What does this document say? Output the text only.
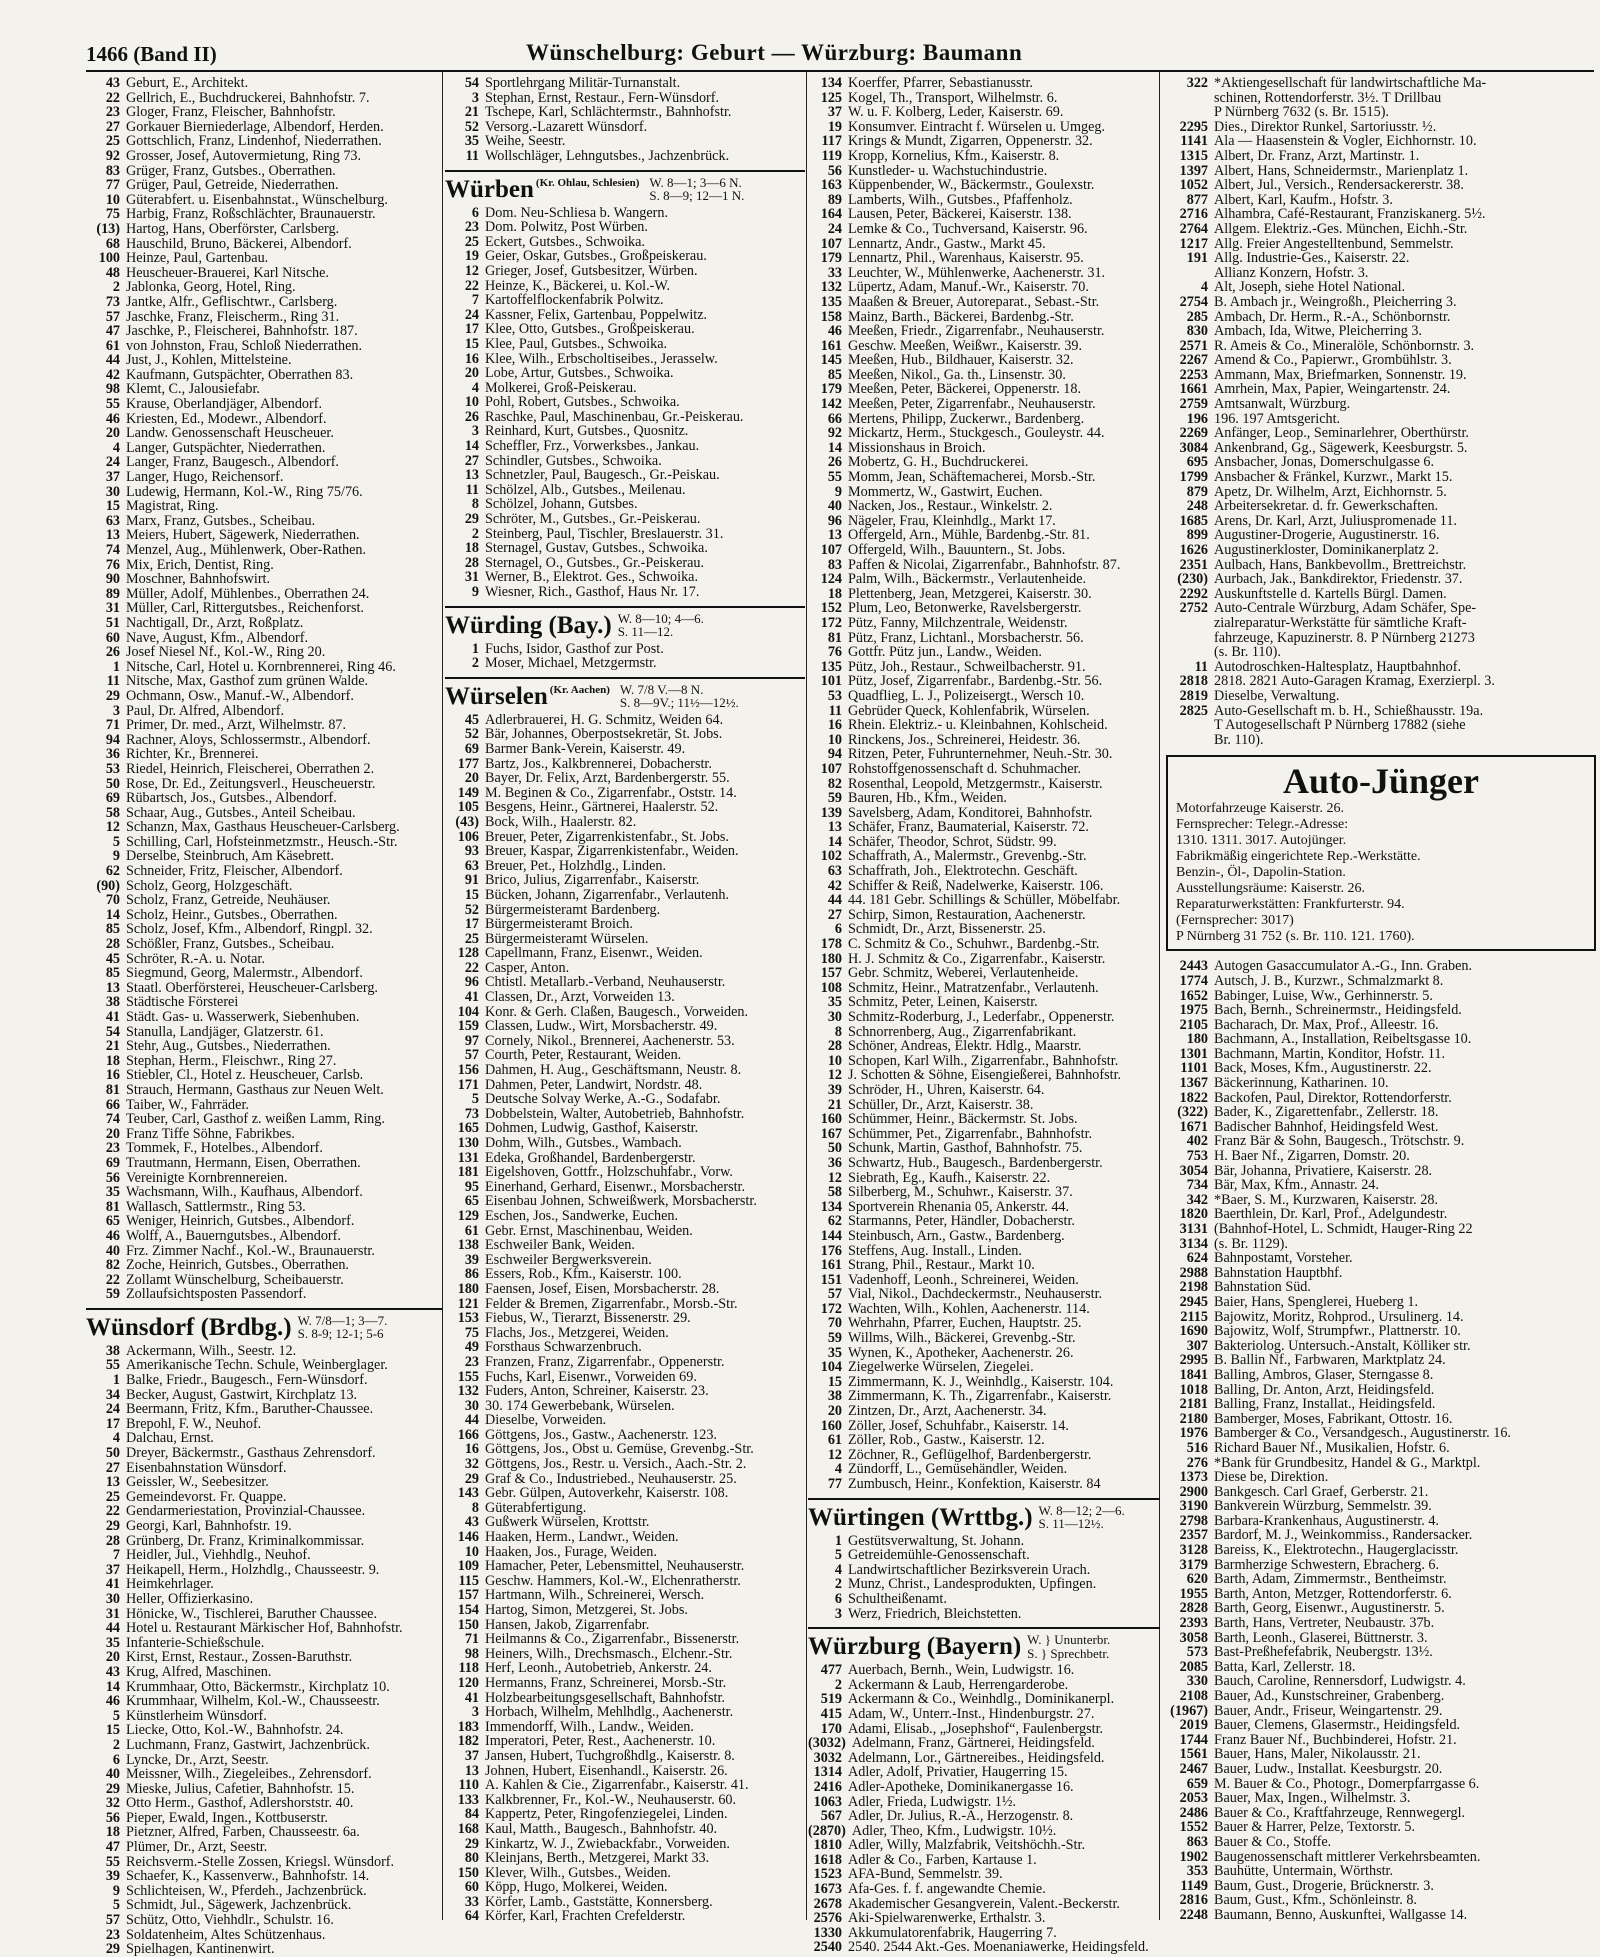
1466 (Band II)	Wünschelburg: Geburt — Würzburg: Baumann
43 Geburt, E., Architekt.
22 Gellrich, E., Buchdruckerei, Bahnhofstr. 7.
23 Gloger, Franz, Fleischer, Bahnhofstr.
27 Gorkauer Bierniederlage, Albendorf, Herden.
25 Gottschlich, Franz, Lindenhof, Niederrathen.
92 Grosser, Josef, Autovermietung, Ring 73.
83 Grüger, Franz, Gutsbes., Oberrathen.
77 Grüger, Paul, Getreide, Niederrathen.
10 Güterabfert. u. Eisenbahnstat., Wünschelburg.
75 Harbig, Franz, Roßschlächter, Braunauerstr.
(13) Hartog, Hans, Oberförster, Carlsberg.
68 Hauschild, Bruno, Bäckerei, Albendorf.
100 Heinze, Paul, Gartenbau.
48 Heuscheuer-Brauerei, Karl Nitsche.
2 Jablonka, Georg, Hotel, Ring.
73 Jantke, Alfr., Geflischtwr., Carlsberg.
57 Jaschke, Franz, Fleischerm., Ring 31.
47 Jaschke, P., Fleischerei, Bahnhofstr. 187.
61 von Johnston, Frau, Schloß Niederrathen.
44 Just, J., Kohlen, Mittelsteine.
42 Kaufmann, Gutspächter, Oberrathen 83.
98 Klemt, C., Jalousiefabr.
55 Krause, Oberlandjäger, Albendorf.
46 Kriesten, Ed., Modewr., Albendorf.
20 Landw. Genossenschaft Heuscheuer.
4 Langer, Gutspächter, Niederrathen.
24 Langer, Franz, Baugesch., Albendorf.
37 Langer, Hugo, Reichensorf.
30 Ludewig, Hermann, Kol.-W., Ring 75/76.
15 Magistrat, Ring.
63 Marx, Franz, Gutsbes., Scheibau.
13 Meiers, Hubert, Sägewerk, Niederrathen.
74 Menzel, Aug., Mühlenwerk, Ober-Rathen.
76 Mix, Erich, Dentist, Ring.
90 Moschner, Bahnhofswirt.
89 Müller, Adolf, Mühlenbes., Oberrathen 24.
31 Müller, Carl, Rittergutsbes., Reichenforst.
51 Nachtigall, Dr., Arzt, Roßplatz.
60 Nave, August, Kfm., Albendorf.
26 Josef Niesel Nf., Kol.-W., Ring 20.
1 Nitsche, Carl, Hotel u. Kornbrennerei, Ring 46.
11 Nitsche, Max, Gasthof zum grünen Walde.
29 Ochmann, Osw., Manuf.-W., Albendorf.
3 Paul, Dr. Alfred, Albendorf.
71 Primer, Dr. med., Arzt, Wilhelmstr. 87.
94 Rachner, Aloys, Schlossermstr., Albendorf.
36 Richter, Kr., Brennerei.
53 Riedel, Heinrich, Fleischerei, Oberrathen 2.
50 Rose, Dr. Ed., Zeitungsverl., Heuscheuerstr.
69 Rübartsch, Jos., Gutsbes., Albendorf.
58 Schaar, Aug., Gutsbes., Anteil Scheibau.
12 Schanzn, Max, Gasthaus Heuscheuer-Carlsberg.
5 Schilling, Carl, Hofsteinmetzmstr., Heusch.-Str.
9 Derselbe, Steinbruch, Am Käsebrett.
62 Schneider, Fritz, Fleischer, Albendorf.
(90) Scholz, Georg, Holzgeschäft.
70 Scholz, Franz, Getreide, Neuhäuser.
14 Scholz, Heinr., Gutsbes., Oberrathen.
85 Scholz, Josef, Kfm., Albendorf, Ringpl. 32.
28 Schößler, Franz, Gutsbes., Scheibau.
45 Schröter, R.-A. u. Notar.
85 Siegmund, Georg, Malermstr., Albendorf.
13 Staatl. Oberförsterei, Heuscheuer-Carlsberg.
38 Städtische Försterei
41 Städt. Gas- u. Wasserwerk, Siebenhuben.
54 Stanulla, Landjäger, Glatzerstr. 61.
21 Stehr, Aug., Gutsbes., Niederrathen.
18 Stephan, Herm., Fleischwr., Ring 27.
16 Stiebler, Cl., Hotel z. Heuscheuer, Carlsb.
81 Strauch, Hermann, Gasthaus zur Neuen Welt.
66 Taiber, W., Fahrräder.
74 Teuber, Carl, Gasthof z. weißen Lamm, Ring.
20 Franz Tiffe Söhne, Fabrikbes.
23 Tommek, F., Hotelbes., Albendorf.
69 Trautmann, Hermann, Eisen, Oberrathen.
56 Vereinigte Kornbrennereien.
35 Wachsmann, Wilh., Kaufhaus, Albendorf.
81 Wallasch, Sattlermstr., Ring 53.
65 Weniger, Heinrich, Gutsbes., Albendorf.
46 Wolff, A., Bauerngutsbes., Albendorf.
40 Frz. Zimmer Nachf., Kol.-W., Braunauerstr.
82 Zoche, Heinrich, Gutsbes., Oberrathen.
22 Zollamt Wünschelburg, Scheibauerstr.
59 Zollaufsichtsposten Passendorf.
Wünsdorf (Brdbg.) W. 7/8—1; 3—7.
S. 8-9; 12-1; 5-6
38 Ackermann, Wilh., Seestr. 12.
55 Amerikanische Techn. Schule, Weinberglager.
1 Balke, Friedr., Baugesch., Fern-Wünsdorf.
34 Becker, August, Gastwirt, Kirchplatz 13.
24 Beermann, Fritz, Kfm., Baruther-Chaussee.
17 Brepohl, F. W., Neuhof.
4 Dalchau, Ernst.
50 Dreyer, Bäckermstr., Gasthaus Zehrensdorf.
27 Eisenbahnstation Wünsdorf.
13 Geissler, W., Seebesitzer.
25 Gemeindevorst. Fr. Quappe.
22 Gendarmeriestation, Provinzial-Chaussee.
29 Georgi, Karl, Bahnhofstr. 19.
28 Grünberg, Dr. Franz, Kriminalkommissar.
7 Heidler, Jul., Viehhdlg., Neuhof.
37 Heikapell, Herm., Holzhdlg., Chausseestr. 9.
41 Heimkehrlager.
30 Heller, Offizierkasino.
31 Hönicke, W., Tischlerei, Baruther Chaussee.
44 Hotel u. Restaurant Märkischer Hof, Bahnhofstr.
35 Infanterie-Schießschule.
20 Kirst, Ernst, Restaur., Zossen-Baruthstr.
43 Krug, Alfred, Maschinen.
14 Krummhaar, Otto, Bäckermstr., Kirchplatz 10.
46 Krummhaar, Wilhelm, Kol.-W., Chausseestr.
5 Künstlerheim Wünsdorf.
15 Liecke, Otto, Kol.-W., Bahnhofstr. 24.
2 Luchmann, Franz, Gastwirt, Jachzenbrück.
6 Lyncke, Dr., Arzt, Seestr.
40 Meissner, Wilh., Ziegeleibes., Zehrensdorf.
29 Mieske, Julius, Cafetier, Bahnhofstr. 15.
32 Otto Herm., Gasthof, Adlershorststr. 40.
56 Pieper, Ewald, Ingen., Kottbuserstr.
18 Pietzner, Alfred, Farben, Chausseestr. 6a.
47 Plümer, Dr., Arzt, Seestr.
55 Reichsverm.-Stelle Zossen, Kriegsl. Wünsdorf.
39 Schaefer, K., Kassenverw., Bahnhofstr. 14.
9 Schlichteisen, W., Pferdeh., Jachzenbrück.
5 Schmidt, Jul., Sägewerk, Jachzenbrück.
57 Schütz, Otto, Viehhdlr., Schulstr. 16.
23 Soldatenheim, Altes Schützenhaus.
29 Spielhagen, Kantinenwirt.
54 Sportlehrgang Militär-Turnanstalt.
3 Stephan, Ernst, Restaur., Fern-Wünsdorf.
21 Tschepe, Karl, Schlächtermstr., Bahnhofstr.
52 Versorg.-Lazarett Wünsdorf.
35 Weihe, Seestr.
11 Wollschläger, Lehngutsbes., Jachzenbrück.
Würben (Kr. Ohlau, Schlesien) W. 8—1; 3—6 N.
S. 8—9; 12—1 N.
6 Dom. Neu-Schliesa b. Wangern.
23 Dom. Polwitz, Post Würben.
25 Eckert, Gutsbes., Schwoika.
19 Geier, Oskar, Gutsbes., Großpeiskerau.
12 Grieger, Josef, Gutsbesitzer, Würben.
22 Heinze, K., Bäckerei, u. Kol.-W.
7 Kartoffelflockenfabrik Polwitz.
24 Kassner, Felix, Gartenbau, Poppelwitz.
17 Klee, Otto, Gutsbes., Großpeiskerau.
15 Klee, Paul, Gutsbes., Schwoika.
16 Klee, Wilh., Erbscholtiseibes., Jerasselw.
20 Lobe, Artur, Gutsbes., Schwoika.
4 Molkerei, Groß-Peiskerau.
10 Pohl, Robert, Gutsbes., Schwoika.
26 Raschke, Paul, Maschinenbau, Gr.-Peiskerau.
3 Reinhard, Kurt, Gutsbes., Quosnitz.
14 Scheffler, Frz., Vorwerksbes., Jankau.
27 Schindler, Gutsbes., Schwoika.
13 Schnetzler, Paul, Baugesch., Gr.-Peiskau.
11 Schölzel, Alb., Gutsbes., Meilenau.
8 Schölzel, Johann, Gutsbes.
29 Schröter, M., Gutsbes., Gr.-Peiskerau.
2 Steinberg, Paul, Tischler, Breslauerstr. 31.
18 Sternagel, Gustav, Gutsbes., Schwoika.
28 Sternagel, O., Gutsbes., Gr.-Peiskerau.
31 Werner, B., Elektrot. Ges., Schwoika.
9 Wiesner, Rich., Gasthof, Haus Nr. 17.
Würding (Bay.) W. 8—10; 4—6.
S. 11—12.
1 Fuchs, Isidor, Gasthof zur Post.
2 Moser, Michael, Metzgermstr.
Würselen (Kr. Aachen) W. 7/8 V.—8 N.
S. 8—9V.; 11½—12½.
45 Adlerbrauerei, H. G. Schmitz, Weiden 64.
52 Bär, Johannes, Oberpostsekretär, St. Jobs.
69 Barmer Bank-Verein, Kaiserstr. 49.
177 Bartz, Jos., Kalkbrennerei, Dobacherstr.
20 Bayer, Dr. Felix, Arzt, Bardenbergerstr. 55.
149 M. Beginen & Co., Zigarrenfabr., Oststr. 14.
105 Besgens, Heinr., Gärtnerei, Haalerstr. 52.
(43) Bock, Wilh., Haalerstr. 82.
106 Breuer, Peter, Zigarrenkistenfabr., St. Jobs.
93 Breuer, Kaspar, Zigarrenkistenfabr., Weiden.
63 Breuer, Pet., Holzhdlg., Linden.
91 Brico, Julius, Zigarrenfabr., Kaiserstr.
15 Bücken, Johann, Zigarrenfabr., Verlautenh.
52 Bürgermeisteramt Bardenberg.
17 Bürgermeisteramt Broich.
25 Bürgermeisteramt Würselen.
128 Capellmann, Franz, Eisenwr., Weiden.
22 Casper, Anton.
96 Chtistl. Metallarb.-Verband, Neuhauserstr.
41 Classen, Dr., Arzt, Vorweiden 13.
104 Konr. & Gerh. Claßen, Baugesch., Vorweiden.
159 Classen, Ludw., Wirt, Morsbacherstr. 49.
97 Cornely, Nikol., Brennerei, Aachenerstr. 53.
57 Courth, Peter, Restaurant, Weiden.
156 Dahmen, H. Aug., Geschäftsmann, Neustr. 8.
171 Dahmen, Peter, Landwirt, Nordstr. 48.
5 Deutsche Solvay Werke, A.-G., Sodafabr.
73 Dobbelstein, Walter, Autobetrieb, Bahnhofstr.
165 Dohmen, Ludwig, Gasthof, Kaiserstr.
130 Dohm, Wilh., Gutsbes., Wambach.
131 Edeka, Großhandel, Bardenbergerstr.
181 Eigelshoven, Gottfr., Holzschuhfabr., Vorw.
95 Einerhand, Gerhard, Eisenwr., Morsbacherstr.
65 Eisenbau Johnen, Schweißwerk, Morsbacherstr.
129 Eschen, Jos., Sandwerke, Euchen.
61 Gebr. Ernst, Maschinenbau, Weiden.
138 Eschweiler Bank, Weiden.
39 Eschweiler Bergwerksverein.
86 Essers, Rob., Kfm., Kaiserstr. 100.
180 Faensen, Josef, Eisen, Morsbacherstr. 28.
121 Felder & Bremen, Zigarrenfabr., Morsb.-Str.
153 Fiebus, W., Tierarzt, Bissenerstr. 29.
75 Flachs, Jos., Metzgerei, Weiden.
49 Forsthaus Schwarzenbruch.
23 Franzen, Franz, Zigarrenfabr., Oppenerstr.
155 Fuchs, Karl, Eisenwr., Vorweiden 69.
132 Fuders, Anton, Schreiner, Kaiserstr. 23.
30 30. 174 Gewerbebank, Würselen.
44 Dieselbe, Vorweiden.
166 Göttgens, Jos., Gastw., Aachenerstr. 123.
16 Göttgens, Jos., Obst u. Gemüse, Grevenbg.-Str.
32 Göttgens, Jos., Restr. u. Versich., Aach.-Str. 2.
29 Graf & Co., Industriebed., Neuhauserstr. 25.
143 Gebr. Gülpen, Autoverkehr, Kaiserstr. 108.
8 Güterabfertigung.
43 Gußwerk Würselen, Krottstr.
146 Haaken, Herm., Landwr., Weiden.
10 Haaken, Jos., Furage, Weiden.
109 Hamacher, Peter, Lebensmittel, Neuhauserstr.
115 Geschw. Hammers, Kol.-W., Elchenratherstr.
157 Hartmann, Wilh., Schreinerei, Wersch.
154 Hartog, Simon, Metzgerei, St. Jobs.
150 Hansen, Jakob, Zigarrenfabr.
71 Heilmanns & Co., Zigarrenfabr., Bissenerstr.
98 Heiners, Wilh., Drechsmasch., Elchenr.-Str.
118 Herf, Leonh., Autobetrieb, Ankerstr. 24.
120 Hermanns, Franz, Schreinerei, Morsb.-Str.
41 Holzbearbeitungsgesellschaft, Bahnhofstr.
3 Horbach, Wilhelm, Mehlhdlg., Aachenerstr.
183 Immendorff, Wilh., Landw., Weiden.
182 Imperatori, Peter, Rest., Aachenerstr. 10.
37 Jansen, Hubert, Tuchgroßhdlg., Kaiserstr. 8.
13 Johnen, Hubert, Eisenhandl., Kaiserstr. 26.
110 A. Kahlen & Cie., Zigarrenfabr., Kaiserstr. 41.
133 Kalkbrenner, Fr., Kol.-W., Neuhauserstr. 60.
84 Kappertz, Peter, Ringofenziegelei, Linden.
168 Kaul, Matth., Baugesch., Bahnhofstr. 40.
29 Kinkartz, W. J., Zwiebackfabr., Vorweiden.
80 Kleinjans, Berth., Metzgerei, Markt 33.
150 Klever, Wilh., Gutsbes., Weiden.
60 Köpp, Hugo, Molkerei, Weiden.
33 Körfer, Lamb., Gaststätte, Konnersberg.
64 Körfer, Karl, Frachten Crefelderstr.
134 Koerffer, Pfarrer, Sebastianusstr.
125 Kogel, Th., Transport, Wilhelmstr. 6.
37 W. u. F. Kolberg, Leder, Kaiserstr. 69.
19 Konsumver. Eintracht f. Würselen u. Umgeg.
117 Krings & Mundt, Zigarren, Oppenerstr. 32.
119 Kropp, Kornelius, Kfm., Kaiserstr. 8.
56 Kunstleder- u. Wachstuchindustrie.
163 Küppenbender, W., Bäckermstr., Goulexstr.
89 Lamberts, Wilh., Gutsbes., Pfaffenholz.
164 Lausen, Peter, Bäckerei, Kaiserstr. 138.
24 Lemke & Co., Tuchversand, Kaiserstr. 96.
107 Lennartz, Andr., Gastw., Markt 45.
179 Lennartz, Phil., Warenhaus, Kaiserstr. 95.
33 Leuchter, W., Mühlenwerke, Aachenerstr. 31.
132 Lüpertz, Adam, Manuf.-Wr., Kaiserstr. 70.
135 Maaßen & Breuer, Autoreparat., Sebast.-Str.
158 Mainz, Barth., Bäckerei, Bardenbg.-Str.
46 Meeßen, Friedr., Zigarrenfabr., Neuhauserstr.
161 Geschw. Meeßen, Weißwr., Kaiserstr. 39.
145 Meeßen, Hub., Bildhauer, Kaiserstr. 32.
85 Meeßen, Nikol., Ga. th., Linsenstr. 30.
179 Meeßen, Peter, Bäckerei, Oppenerstr. 18.
142 Meeßen, Peter, Zigarrenfabr., Neuhauserstr.
66 Mertens, Philipp, Zuckerwr., Bardenberg.
92 Mickartz, Herm., Stuckgesch., Gouleystr. 44.
14 Missionshaus in Broich.
26 Mobertz, G. H., Buchdruckerei.
55 Momm, Jean, Schäftemacherei, Morsb.-Str.
9 Mommertz, W., Gastwirt, Euchen.
40 Nacken, Jos., Restaur., Winkelstr. 2.
96 Nägeler, Frau, Kleinhdlg., Markt 17.
13 Offergeld, Arn., Mühle, Bardenbg.-Str. 81.
107 Offergeld, Wilh., Bauuntern., St. Jobs.
83 Paffen & Nicolai, Zigarrenfabr., Bahnhofstr. 87.
124 Palm, Wilh., Bäckermstr., Verlautenheide.
18 Plettenberg, Jean, Metzgerei, Kaiserstr. 30.
152 Plum, Leo, Betonwerke, Ravelsbergerstr.
172 Pütz, Fanny, Milchzentrale, Weidenstr.
81 Pütz, Franz, Lichtanl., Morsbacherstr. 56.
76 Gottfr. Pütz jun., Landw., Weiden.
135 Pütz, Joh., Restaur., Schweilbacherstr. 91.
101 Pütz, Josef, Zigarrenfabr., Bardenbg.-Str. 56.
53 Quadflieg, L. J., Polizeisergt., Wersch 10.
11 Gebrüder Queck, Kohlenfabrik, Würselen.
16 Rhein. Elektriz.- u. Kleinbahnen, Kohlscheid.
10 Rinckens, Jos., Schreinerei, Heidestr. 36.
94 Ritzen, Peter, Fuhrunternehmer, Neuh.-Str. 30.
107 Rohstoffgenossenschaft d. Schuhmacher.
82 Rosenthal, Leopold, Metzgermstr., Kaiserstr.
59 Bauren, Hb., Kfm., Weiden.
139 Savelsberg, Adam, Konditorei, Bahnhofstr.
13 Schäfer, Franz, Baumaterial, Kaiserstr. 72.
14 Schäfer, Theodor, Schrot, Südstr. 99.
102 Schaffrath, A., Malermstr., Grevenbg.-Str.
63 Schaffrath, Joh., Elektrotechn. Geschäft.
42 Schiffer & Reiß, Nadelwerke, Kaiserstr. 106.
44 44. 181 Gebr. Schillings & Schüller, Möbelfabr.
27 Schirp, Simon, Restauration, Aachenerstr.
6 Schmidt, Dr., Arzt, Bissenerstr. 25.
178 C. Schmitz & Co., Schuhwr., Bardenbg.-Str.
180 H. J. Schmitz & Co., Zigarrenfabr., Kaiserstr.
157 Gebr. Schmitz, Weberei, Verlautenheide.
108 Schmitz, Heinr., Matratzenfabr., Verlautenh.
35 Schmitz, Peter, Leinen, Kaiserstr.
30 Schmitz-Roderburg, J., Lederfabr., Oppenerstr.
8 Schnorrenberg, Aug., Zigarrenfabrikant.
28 Schöner, Andreas, Elektr. Hdlg., Maarstr.
10 Schopen, Karl Wilh., Zigarrenfabr., Bahnhofstr.
12 J. Schotten & Söhne, Eisengießerei, Bahnhofstr.
39 Schröder, H., Uhren, Kaiserstr. 64.
21 Schüller, Dr., Arzt, Kaiserstr. 38.
160 Schümmer, Heinr., Bäckermstr. St. Jobs.
167 Schümmer, Pet., Zigarrenfabr., Bahnhofstr.
50 Schunk, Martin, Gasthof, Bahnhofstr. 75.
36 Schwartz, Hub., Baugesch., Bardenbergerstr.
12 Siebrath, Eg., Kaufh., Kaiserstr. 22.
58 Silberberg, M., Schuhwr., Kaiserstr. 37.
134 Sportverein Rhenania 05, Ankerstr. 44.
62 Starmanns, Peter, Händler, Dobacherstr.
144 Steinbusch, Arn., Gastw., Bardenberg.
176 Steffens, Aug. Install., Linden.
161 Strang, Phil., Restaur., Markt 10.
151 Vadenhoff, Leonh., Schreinerei, Weiden.
57 Vial, Nikol., Dachdeckermstr., Neuhauserstr.
172 Wachten, Wilh., Kohlen, Aachenerstr. 114.
70 Wehrhahn, Pfarrer, Euchen, Hauptstr. 25.
59 Willms, Wilh., Bäckerei, Grevenbg.-Str.
35 Wynen, K., Apotheker, Aachenerstr. 26.
104 Ziegelwerke Würselen, Ziegelei.
15 Zimmermann, K. J., Weinhdlg., Kaiserstr. 104.
38 Zimmermann, K. Th., Zigarrenfabr., Kaiserstr.
20 Zintzen, Dr., Arzt, Aachenerstr. 34.
160 Zöller, Josef, Schuhfabr., Kaiserstr. 14.
61 Zöller, Rob., Gastw., Kaiserstr. 12.
12 Zöchner, R., Geflügelhof, Bardenbergerstr.
4 Zündorff, L., Gemüsehändler, Weiden.
77 Zumbusch, Heinr., Konfektion, Kaiserstr. 84
Würtingen (Wrttbg.) W. 8—12; 2—6.
S. 11—12½.
1 Gestütsverwaltung, St. Johann.
5 Getreidemühle-Genossenschaft.
4 Landwirtschaftlicher Bezirksverein Urach.
2 Munz, Christ., Landesprodukten, Upfingen.
6 Schultheißenamt.
3 Werz, Friedrich, Bleichstetten.
Würzburg (Bayern) W. } Ununterbr.
S. } Sprechbetr.
477 Auerbach, Bernh., Wein, Ludwigstr. 16.
2 Ackermann & Laub, Herrengarderobe.
519 Ackermann & Co., Weinhdlg., Dominikanerpl.
415 Adam, W., Unterr.-Inst., Hindenburgstr. 27.
170 Adami, Elisab., „Josephshof“, Faulenbergstr.
(3032) Adelmann, Franz, Gärtnerei, Heidingsfeld.
3032 Adelmann, Lor., Gärtnereibes., Heidingsfeld.
1314 Adler, Adolf, Privatier, Haugerring 15.
2416 Adler-Apotheke, Dominikanergasse 16.
1063 Adler, Frieda, Ludwigstr. 1½.
567 Adler, Dr. Julius, R.-A., Herzogenstr. 8.
(2870) Adler, Theo, Kfm., Ludwigstr. 10½.
1810 Adler, Willy, Malzfabrik, Veitshöchh.-Str.
1618 Adler & Co., Farben, Kartause 1.
1523 AFA-Bund, Semmelstr. 39.
1673 Afa-Ges. f. f. angewandte Chemie.
2678 Akademischer Gesangverein, Valent.-Beckerstr.
2576 Aki-Spielwarenwerke, Erthalstr. 3.
1330 Akkumulatorenfabrik, Haugerring 7.
2540 2540. 2544 Akt.-Ges. Moenaniawerke, Heidingsfeld.
322 *Aktiengesellschaft für landwirtschaftliche Ma-
schinen, Rottendorferstr. 3½. T Drillbau
P Nürnberg 7632 (s. Br. 1515).
2295 Dies., Direktor Runkel, Sartoriusstr. ½.
1141 Ala — Haasenstein & Vogler, Eichhornstr. 10.
1315 Albert, Dr. Franz, Arzt, Martinstr. 1.
1397 Albert, Hans, Schneidermstr., Marienplatz 1.
1052 Albert, Jul., Versich., Rendersackererstr. 38.
877 Albert, Karl, Kaufm., Hofstr. 3.
2716 Alhambra, Café-Restaurant, Franziskanerg. 5½.
2764 Allgem. Elektriz.-Ges. München, Eichh.-Str.
1217 Allg. Freier Angestelltenbund, Semmelstr.
191 Allg. Industrie-Ges., Kaiserstr. 22.
Allianz Konzern, Hofstr. 3.
4 Alt, Joseph, siehe Hotel National.
2754 B. Ambach jr., Weingroßh., Pleicherring 3.
285 Ambach, Dr. Herm., R.-A., Schönbornstr.
830 Ambach, Ida, Witwe, Pleicherring 3.
2571 R. Ameis & Co., Mineralöle, Schönbornstr. 3.
2267 Amend & Co., Papierwr., Grombühlstr. 3.
2253 Ammann, Max, Briefmarken, Sonnenstr. 19.
1661 Amrhein, Max, Papier, Weingartenstr. 24.
2759 Amtsanwalt, Würzburg.
196 196. 197 Amtsgericht.
2269 Anfänger, Leop., Seminarlehrer, Oberthürstr.
3084 Ankenbrand, Gg., Sägewerk, Keesburgstr. 5.
695 Ansbacher, Jonas, Domerschulgasse 6.
1799 Ansbacher & Fränkel, Kurzwr., Markt 15.
879 Apetz, Dr. Wilhelm, Arzt, Eichhornstr. 5.
248 Arbeitersekretar. d. fr. Gewerkschaften.
1685 Arens, Dr. Karl, Arzt, Juliuspromenade 11.
899 Augustiner-Drogerie, Augustinerstr. 16.
1626 Augustinerkloster, Dominikanerplatz 2.
2351 Aulbach, Hans, Bankbevollm., Brettreichstr.
(230) Aurbach, Jak., Bankdirektor, Friedenstr. 37.
2292 Auskunftstelle d. Kartells Bürgl. Damen.
2752 Auto-Centrale Würzburg, Adam Schäfer, Spe-
zialreparatur-Werkstätte für sämtliche Kraft-
fahrzeuge, Kapuzinerstr. 8. P Nürnberg 21273
(s. Br. 110).
11 Autodroschken-Haltesplatz, Hauptbahnhof.
2818 2818. 2821 Auto-Garagen Kramag, Exerzierpl. 3.
2819 Dieselbe, Verwaltung.
2825 Auto-Gesellschaft m. b. H., Schießhausstr. 19a.
T Autogesellschaft P Nürnberg 17882 (siehe
Br. 110).
Auto-Jünger
Motorfahrzeuge Kaiserstr. 26.
Fernsprecher: Telegr.-Adresse:
1310. 1311. 3017. Autojünger.
Fabrikmäßig eingerichtete Rep.-Werkstätte.
Benzin-, Öl-, Dapolin-Station.
Ausstellungsräume: Kaiserstr. 26.
Reparaturwerkstätten: Frankfurterstr. 94.
(Fernsprecher: 3017)
P Nürnberg 31 752 (s. Br. 110. 121. 1760).
2443 Autogen Gasaccumulator A.-G., Inn. Graben.
1774 Autsch, J. B., Kurzwr., Schmalzmarkt 8.
1652 Babinger, Luise, Ww., Gerhinnerstr. 5.
1975 Bach, Bernh., Schreinermstr., Heidingsfeld.
2105 Bacharach, Dr. Max, Prof., Alleestr. 16.
180 Bachmann, A., Installation, Reibeltsgasse 10.
1301 Bachmann, Martin, Konditor, Hofstr. 11.
1101 Back, Moses, Kfm., Augustinerstr. 22.
1367 Bäckerinnung, Katharinen. 10.
1822 Backofen, Paul, Direktor, Rottendorferstr.
(322) Bader, K., Zigarettenfabr., Zellerstr. 18.
1671 Badischer Bahnhof, Heidingsfeld West.
402 Franz Bär & Sohn, Baugesch., Trötschstr. 9.
753 H. Baer Nf., Zigarren, Domstr. 20.
3054 Bär, Johanna, Privatiere, Kaiserstr. 28.
734 Bär, Max, Kfm., Annastr. 24.
342 *Baer, S. M., Kurzwaren, Kaiserstr. 28.
1820 Baerthlein, Dr. Karl, Prof., Adelgundestr.
3131 (Bahnhof-Hotel, L. Schmidt, Hauger-Ring 22
3134 (s. Br. 1129).
624 Bahnpostamt, Vorsteher.
2988 Bahnstation Hauptbhf.
2198 Bahnstation Süd.
2945 Baier, Hans, Spenglerei, Hueberg 1.
2115 Bajowitz, Moritz, Rohprod., Ursulinerg. 14.
1690 Bajowitz, Wolf, Strumpfwr., Plattnerstr. 10.
307 Bakteriolog. Untersuch.-Anstalt, Kölliker str.
2995 B. Ballin Nf., Farbwaren, Marktplatz 24.
1841 Balling, Ambros, Glaser, Sterngasse 8.
1018 Balling, Dr. Anton, Arzt, Heidingsfeld.
2181 Balling, Franz, Installat., Heidingsfeld.
2180 Bamberger, Moses, Fabrikant, Ottostr. 16.
1976 Bamberger & Co., Versandgesch., Augustinerstr. 16.
516 Richard Bauer Nf., Musikalien, Hofstr. 6.
276 *Bank für Grundbesitz, Handel & G., Marktpl.
1373 Diese be, Direktion.
2900 Bankgesch. Carl Graef, Gerberstr. 21.
3190 Bankverein Würzburg, Semmelstr. 39.
2798 Barbara-Krankenhaus, Augustinerstr. 4.
2357 Bardorf, M. J., Weinkommiss., Randersacker.
3128 Bareiss, K., Elektrotechn., Haugerglacisstr.
3179 Barmherzige Schwestern, Ebracherg. 6.
620 Barth, Adam, Zimmermstr., Bentheimstr.
1955 Barth, Anton, Metzger, Rottendorferstr. 6.
2828 Barth, Georg, Eisenwr., Augustinerstr. 5.
2393 Barth, Hans, Vertreter, Neubaustr. 37b.
3058 Barth, Leonh., Glaserei, Büttnerstr. 3.
573 Bast-Preßhefefabrik, Neubergstr. 13½.
2085 Batta, Karl, Zellerstr. 18.
330 Bauch, Caroline, Rennersdorf, Ludwigstr. 4.
2108 Bauer, Ad., Kunstschreiner, Grabenberg.
(1967) Bauer, Andr., Friseur, Weingartenstr. 29.
2019 Bauer, Clemens, Glasermstr., Heidingsfeld.
1744 Franz Bauer Nf., Buchbinderei, Hofstr. 21.
1561 Bauer, Hans, Maler, Nikolausstr. 21.
2467 Bauer, Ludw., Installat. Keesburgstr. 20.
659 M. Bauer & Co., Photogr., Domerpfarrgasse 6.
2053 Bauer, Max, Ingen., Wilhelmstr. 3.
2486 Bauer & Co., Kraftfahrzeuge, Rennwegergl.
1552 Bauer & Harrer, Pelze, Textorstr. 5.
863 Bauer & Co., Stoffe.
1902 Baugenossenschaft mittlerer Verkehrsbeamten.
353 Bauhütte, Untermain, Wörthstr.
1149 Baum, Gust., Drogerie, Brücknerstr. 3.
2816 Baum, Gust., Kfm., Schönleinstr. 8.
2248 Baumann, Benno, Auskunftei, Wallgasse 14.
